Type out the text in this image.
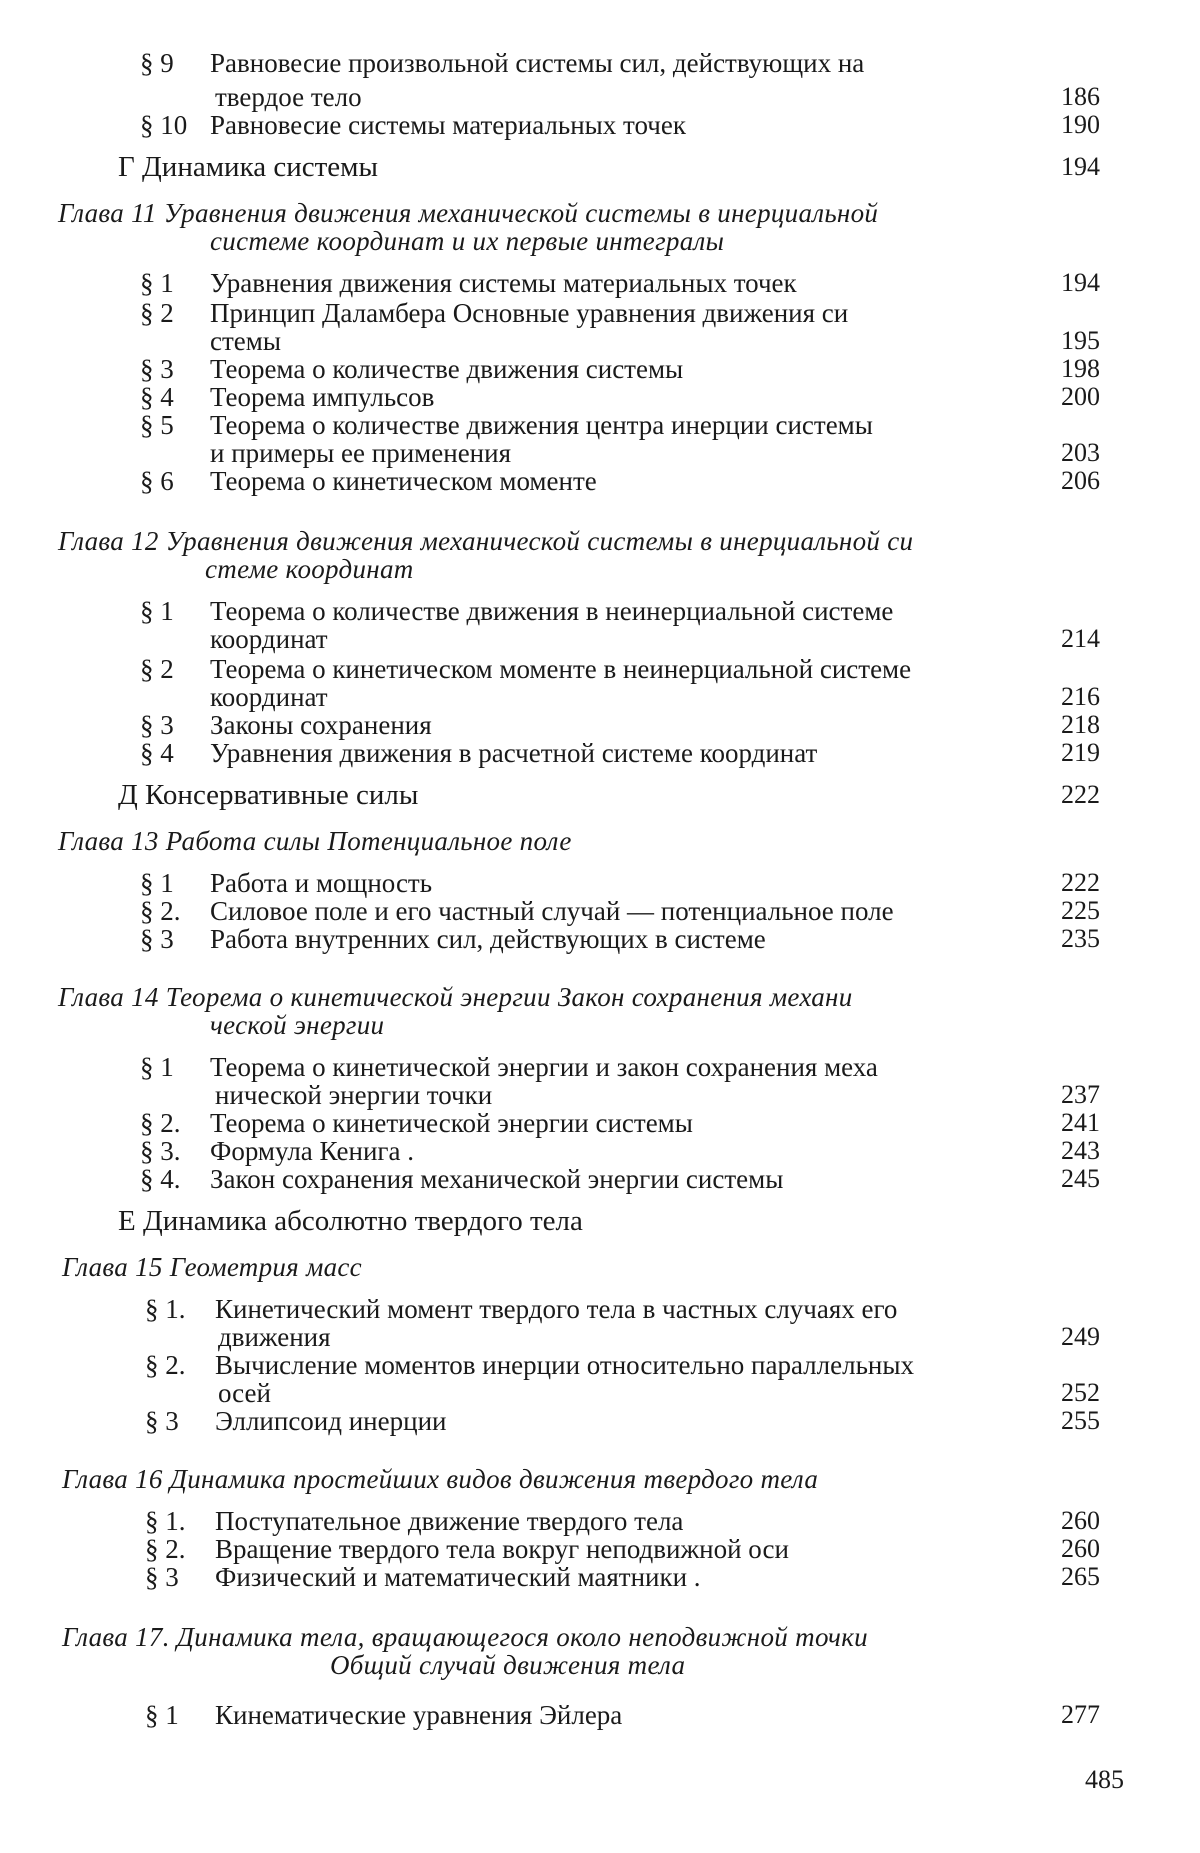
§ 9 Равновесие произвольной системы сил, действующих на
твердое тело	186
§ 10 Равновесие системы материальных точек	190
Г Динамика системы	194
Глава 11 Уравнения движения механической системы в инерциальной
системе координат и их первые интегралы
§ 1 Уравнения движения системы материальных точек	194
§ 2 Принцип Даламбера Основные уравнения движения си
стемы	195
§ 3 Теорема о количестве движения системы	198
§ 4 Теорема импульсов	200
§ 5 Теорема о количестве движения центра инерции системы
и примеры ее применения	203
§ 6 Теорема о кинетическом моменте	206
Глава 12 Уравнения движения механической системы в инерциальной си
стеме координат
§ 1 Теорема о количестве движения в неинерциальной системе
координат	214
§ 2 Теорема о кинетическом моменте в неинерциальной системе
координат	216
§ 3 Законы сохранения	218
§ 4 Уравнения движения в расчетной системе координат	219
Д Консервативные силы	222
Глава 13 Работа силы Потенциальное поле
§ 1 Работа и мощность	222
§ 2. Силовое поле и его частный случай — потенциальное поле	225
§ 3 Работа внутренних сил, действующих в системе	235
Глава 14 Теорема о кинетической энергии Закон сохранения механи
ческой энергии
§ 1 Теорема о кинетической энергии и закон сохранения меха
нической энергии точки	237
§ 2. Теорема о кинетической энергии системы	241
§ 3. Формула Кенига .	243
§ 4. Закон сохранения механической энергии системы	245
Е Динамика абсолютно твердого тела
Глава 15 Геометрия масс
§ 1. Кинетический момент твердого тела в частных случаях его
движения	249
§ 2. Вычисление моментов инерции относительно параллельных
осей	252
§ 3 Эллипсоид инерции	255
Глава 16 Динамика простейших видов движения твердого тела
§ 1. Поступательное движение твердого тела	260
§ 2. Вращение твердого тела вокруг неподвижной оси	260
§ 3 Физический и математический маятники .	265
Глава 17. Динамика тела, вращающегося около неподвижной точки
Общий случай движения тела
§ 1 Кинематические уравнения Эйлера	277
485
